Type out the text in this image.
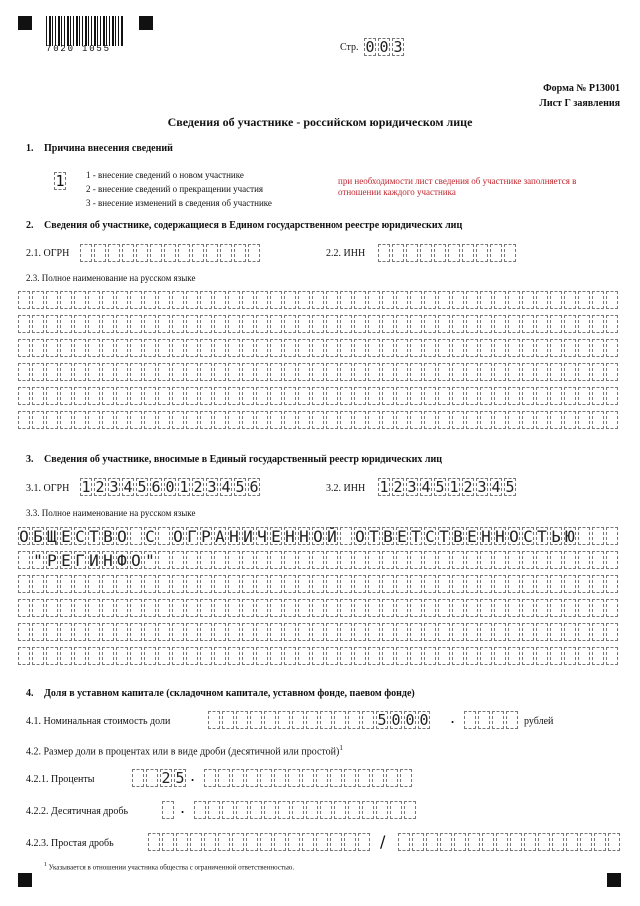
7020 1055	Стр. 0 0 3
Форма № Р13001
Лист Г заявления
Сведения об участнике - российском юридическом лице
1. Причина внесения сведений
1 1 - внесение сведений о новом участнике
2 - внесение сведений о прекращении участия
3 - внесение изменений в сведения об участнике
при необходимости лист сведения об участнике заполняется в отношении каждого участника
2. Сведения об участнике, содержащиеся в Едином государственном реестре юридических лиц
2.1. ОГРН	2.2. ИНН
2.3. Полное наименование на русском языке
3. Сведения об участнике, вносимые в Единый государственный реестр юридических лиц
3.1. ОГРН 1 2 3 4 5 6 0 1 2 3 4 5 6	3.2. ИНН 1 2 3 4 5 1 2 3 4 5
3.3. Полное наименование на русском языке
О Б Щ Е С Т В О С О Г Р А Н И Ч Е Н Н О Й О Т В Е Т С Т В Е Н Н О С Т Ь Ю
" Р Е Г И Н Ф О "
4. Доля в уставном капитале (складочном капитале, уставном фонде, паевом фонде)
4.1. Номинальная стоимость доли	5 0 0 0 .	рублей
4.2. Размер доли в процентах или в виде дроби (десятичной или простой)$^1$
4.2.1. Проценты	2 5 .
4.2.2. Десятичная дробь	.
4.2.3. Простая дробь	/
$^1$ Указывается в отношении участника общества с ограниченной ответственностью.
